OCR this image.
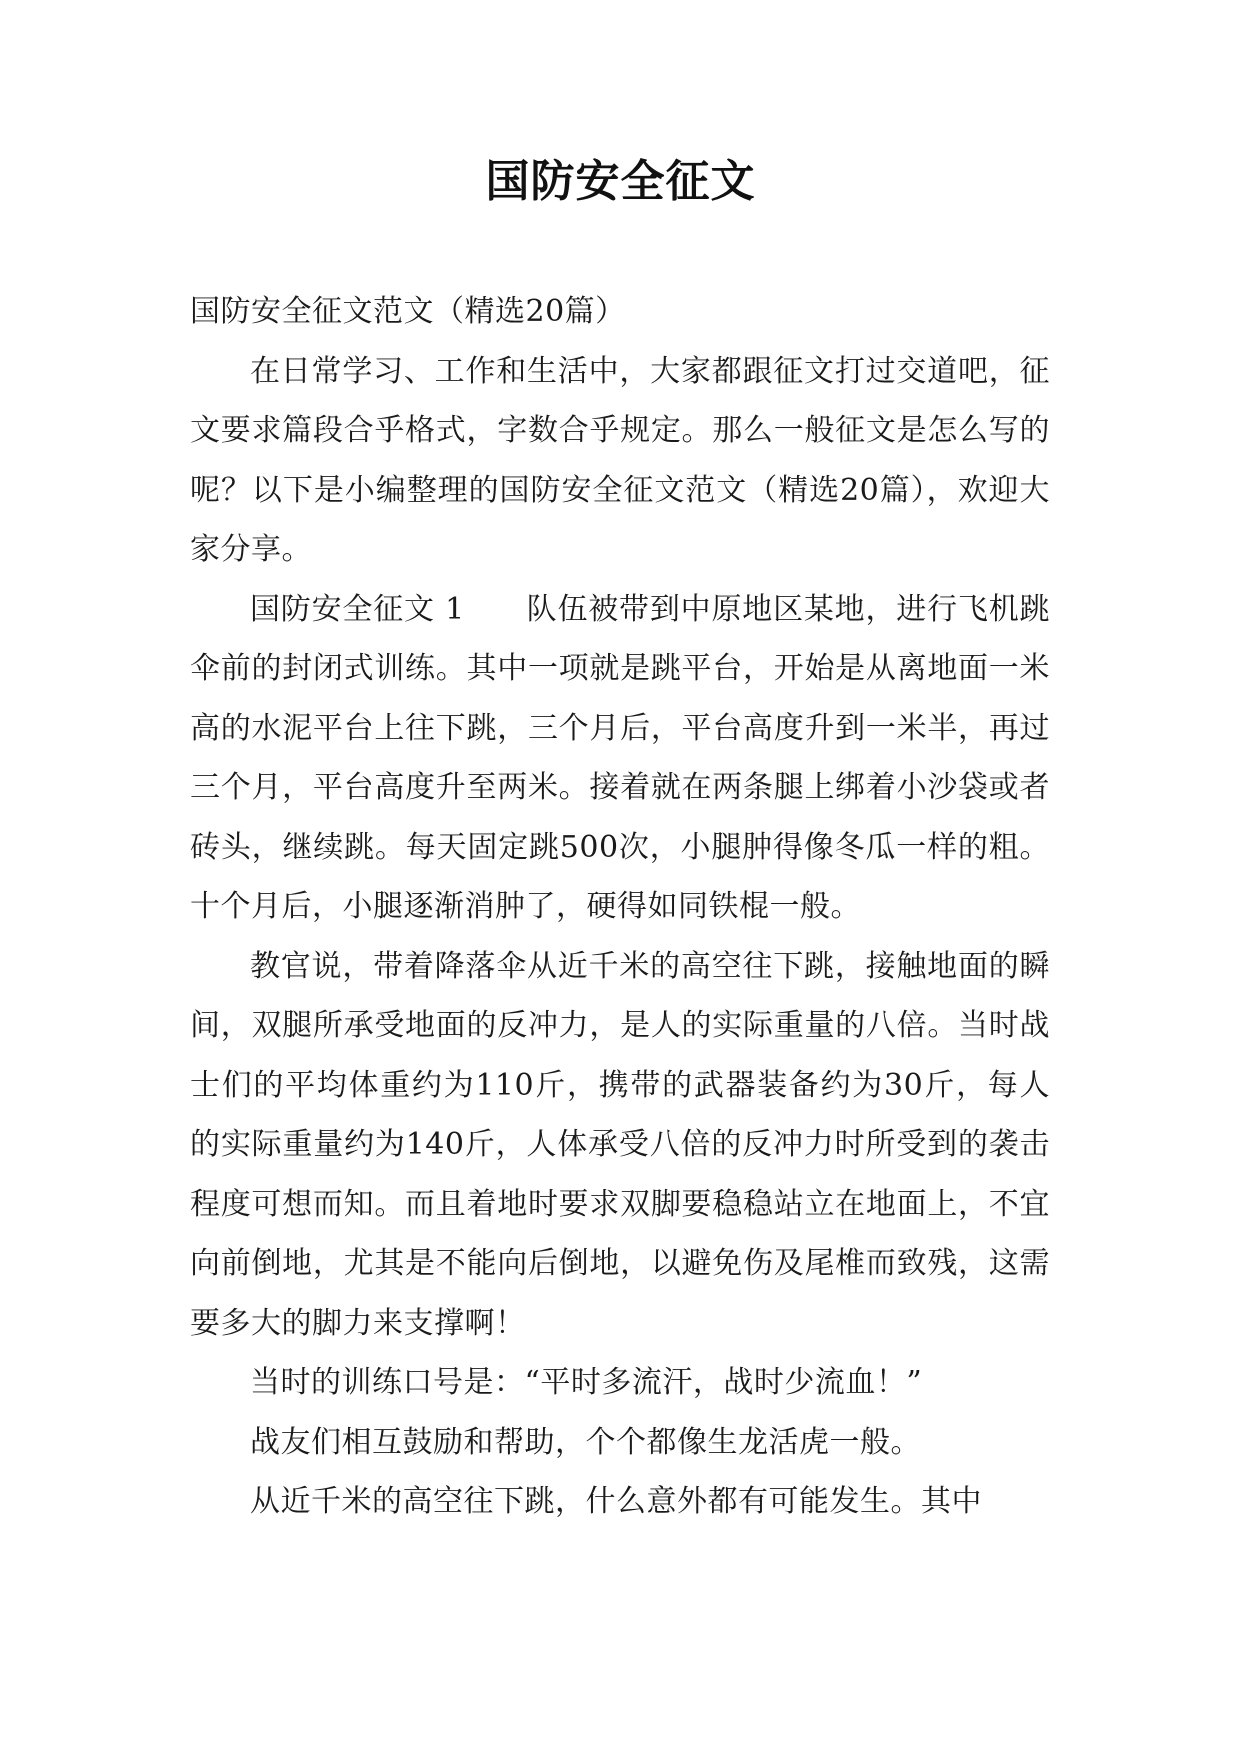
国防安全征文

国防安全征文范文（精选20篇）

在日常学习、工作和生活中，大家都跟征文打过交道吧，征文要求篇段合乎格式，字数合乎规定。那么一般征文是怎么写的呢？以下是小编整理的国防安全征文范文（精选20篇），欢迎大家分享。

国防安全征文 1　　队伍被带到中原地区某地，进行飞机跳伞前的封闭式训练。其中一项就是跳平台，开始是从离地面一米高的水泥平台上往下跳，三个月后，平台高度升到一米半，再过三个月，平台高度升至两米。接着就在两条腿上绑着小沙袋或者砖头，继续跳。每天固定跳500次，小腿肿得像冬瓜一样的粗。十个月后，小腿逐渐消肿了，硬得如同铁棍一般。

教官说，带着降落伞从近千米的高空往下跳，接触地面的瞬间，双腿所承受地面的反冲力，是人的实际重量的八倍。当时战士们的平均体重约为110斤，携带的武器装备约为30斤，每人的实际重量约为140斤，人体承受八倍的反冲力时所受到的袭击程度可想而知。而且着地时要求双脚要稳稳站立在地面上，不宜向前倒地，尤其是不能向后倒地，以避免伤及尾椎而致残，这需要多大的脚力来支撑啊！

当时的训练口号是：“平时多流汗，战时少流血！”

战友们相互鼓励和帮助，个个都像生龙活虎一般。

从近千米的高空往下跳，什么意外都有可能发生。其中
